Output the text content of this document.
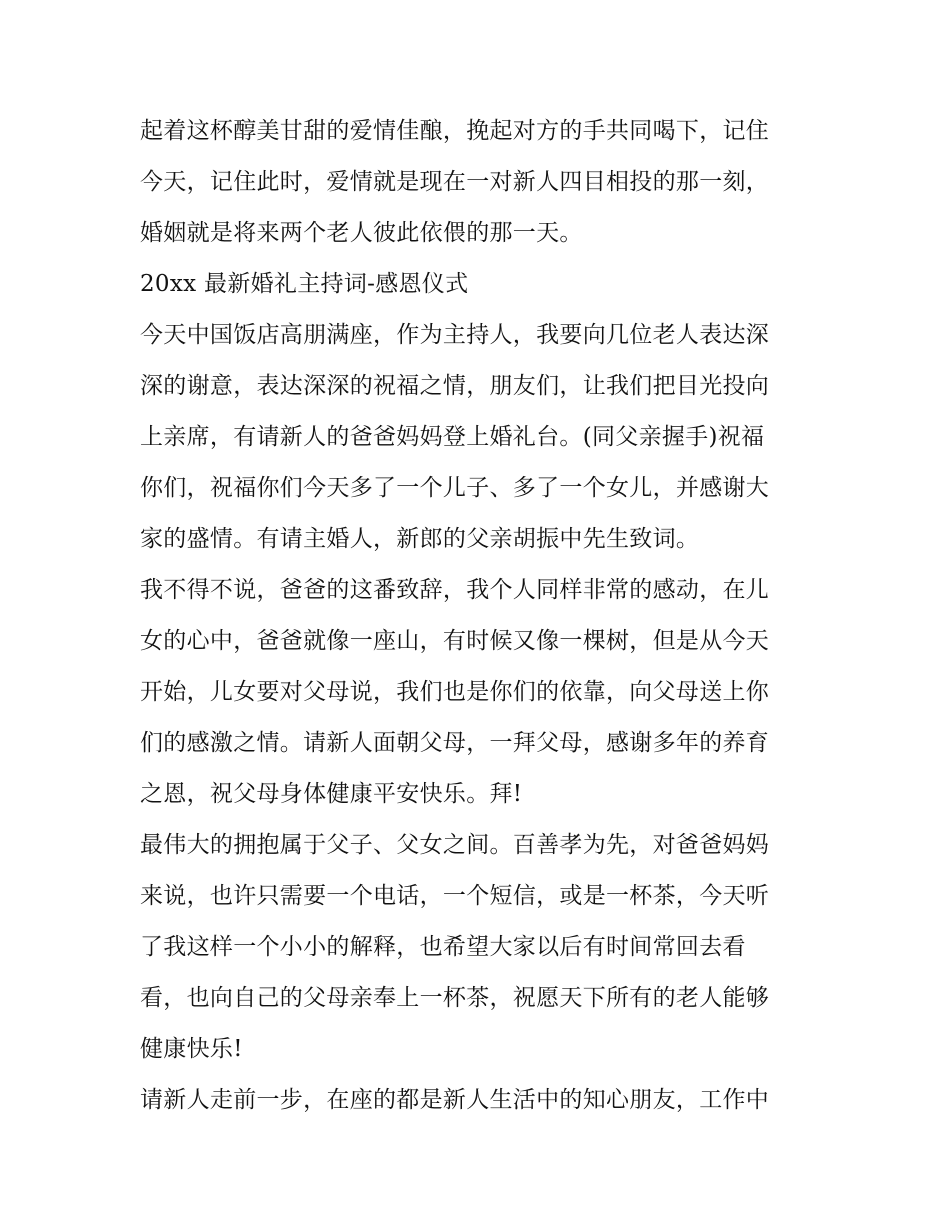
起着这杯醇美甘甜的爱情佳酿，挽起对方的手共同喝下，记住
今天，记住此时，爱情就是现在一对新人四目相投的那一刻，
婚姻就是将来两个老人彼此依偎的那一天。
20xx 最新婚礼主持词-感恩仪式
今天中国饭店高朋满座，作为主持人，我要向几位老人表达深
深的谢意，表达深深的祝福之情，朋友们，让我们把目光投向
上亲席，有请新人的爸爸妈妈登上婚礼台。(同父亲握手)祝福
你们，祝福你们今天多了一个儿子、多了一个女儿，并感谢大
家的盛情。有请主婚人，新郎的父亲胡振中先生致词。
我不得不说，爸爸的这番致辞，我个人同样非常的感动，在儿
女的心中，爸爸就像一座山，有时候又像一棵树，但是从今天
开始，儿女要对父母说，我们也是你们的依靠，向父母送上你
们的感激之情。请新人面朝父母，一拜父母，感谢多年的养育
之恩，祝父母身体健康平安快乐。拜!
最伟大的拥抱属于父子、父女之间。百善孝为先，对爸爸妈妈
来说，也许只需要一个电话，一个短信，或是一杯茶，今天听
了我这样一个小小的解释，也希望大家以后有时间常回去看
看，也向自己的父母亲奉上一杯茶，祝愿天下所有的老人能够
健康快乐!
请新人走前一步，在座的都是新人生活中的知心朋友，工作中
